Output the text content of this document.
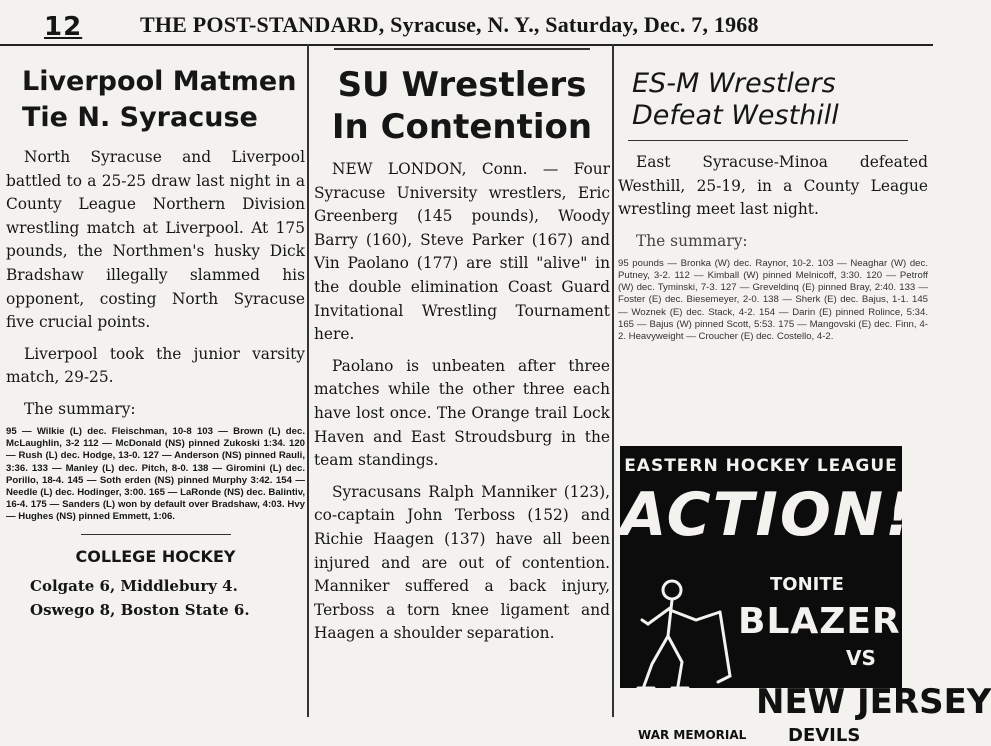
12	THE POST-STANDARD, Syracuse, N. Y., Saturday, Dec. 7, 1968
Liverpool Matmen
Tie N. Syracuse

North Syracuse and Liverpool battled to a 25-25 draw last night in a County League Northern Division wrestling match at Liverpool. At 175 pounds, the Northmen's husky Dick Bradshaw illegally slammed his opponent, costing North Syracuse five crucial points.

Liverpool took the junior varsity match, 29-25.

The summary:

95 — Wilkie (L) dec. Fleischman, 10-8 103 — Brown (L) dec. McLaughlin, 3-2 112 — McDonald (NS) pinned Zukoski 1:34. 120 — Rush (L) dec. Hodge, 13-0. 127 — Anderson (NS) pinned Rauli, 3:36. 133 — Manley (L) dec. Pitch, 8-0. 138 — Giromini (L) dec. Porillo, 18-4. 145 — Soth erden (NS) pinned Murphy 3:42. 154 — Needle (L) dec. Hodinger, 3:00. 165 — LaRonde (NS) dec. Balintiv, 16-4. 175 — Sanders (L) won by default over Bradshaw, 4:03. Hvy — Hughes (NS) pinned Emmett, 1:06.

COLLEGE HOCKEY
Colgate 6, Middlebury 4.
Oswego 8, Boston State 6.
SU Wrestlers
In Contention

NEW LONDON, Conn. — Four Syracuse University wrestlers, Eric Greenberg (145 pounds), Woody Barry (160), Steve Parker (167) and Vin Paolano (177) are still "alive" in the double elimination Coast Guard Invitational Wrestling Tournament here.

Paolano is unbeaten after three matches while the other three each have lost once. The Orange trail Lock Haven and East Stroudsburg in the team standings.

Syracusans Ralph Manniker (123), co-captain John Terboss (152) and Richie Haagen (137) have all been injured and are out of contention. Manniker suffered a back injury, Terboss a torn knee ligament and Haagen a shoulder separation.

ES-M Wrestlers
Defeat Westhill

East Syracuse-Minoa defeated Westhill, 25-19, in a County League wrestling meet last night.

The summary:

95 pounds — Bronka (W) dec. Raynor, 10-2. 103 — Neaghar (W) dec. Putney, 3-2. 112 — Kimball (W) pinned Melnicoff, 3:30. 120 — Petroff (W) dec. Tyminski, 7-3. 127 — Greveldinq (E) pinned Bray, 2:40. 133 — Foster (E) dec. Biesemeyer, 2-0. 138 — Sherk (E) dec. Bajus, 1-1. 145 — Woznek (E) dec. Stack, 4-2. 154 — Darin (E) pinned Rolince, 5:34. 165 — Bajus (W) pinned Scott, 5:53. 175 — Mangovski (E) dec. Finn, 4-2. Heavyweight — Croucher (E) dec. Costello, 4-2.

EASTERN HOCKEY LEAGUE
ACTION!!
TONITE
BLAZERS
VS
NEW JERSEY
WAR MEMORIAL DEVILS
